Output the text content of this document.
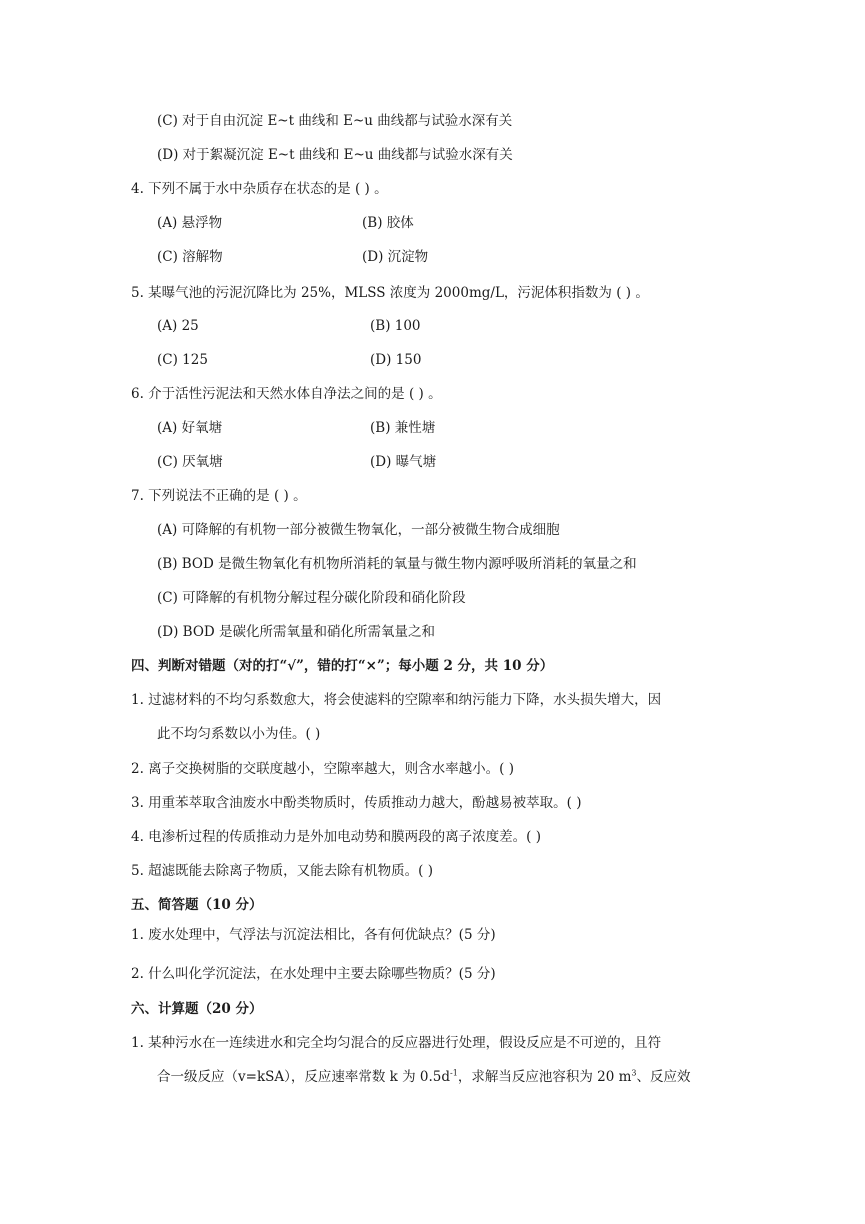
(C) 对于自由沉淀 E~t 曲线和 E~u 曲线都与试验水深有关
(D) 对于絮凝沉淀 E~t 曲线和 E~u 曲线都与试验水深有关
4. 下列不属于水中杂质存在状态的是 ( ) 。
(A) 悬浮物	(B) 胶体
(C) 溶解物	(D) 沉淀物
5. 某曝气池的污泥沉降比为 25%，MLSS 浓度为 2000mg/L，污泥体积指数为 ( ) 。
(A) 25	(B) 100
(C) 125	(D) 150
6. 介于活性污泥法和天然水体自净法之间的是 ( ) 。
(A) 好氧塘	(B) 兼性塘
(C) 厌氧塘	(D) 曝气塘
7. 下列说法不正确的是 ( ) 。
(A) 可降解的有机物一部分被微生物氧化，一部分被微生物合成细胞
(B) BOD 是微生物氧化有机物所消耗的氧量与微生物内源呼吸所消耗的氧量之和
(C) 可降解的有机物分解过程分碳化阶段和硝化阶段
(D) BOD 是碳化所需氧量和硝化所需氧量之和
四、判断对错题（对的打“√”，错的打“×”；每小题 2 分，共 10 分）
1. 过滤材料的不均匀系数愈大，将会使滤料的空隙率和纳污能力下降，水头损失增大，因
此不均匀系数以小为佳。( )
2. 离子交换树脂的交联度越小，空隙率越大，则含水率越小。( )
3. 用重苯萃取含油废水中酚类物质时，传质推动力越大，酚越易被萃取。( )
4. 电渗析过程的传质推动力是外加电动势和膜两段的离子浓度差。( )
5. 超滤既能去除离子物质，又能去除有机物质。( )
五、简答题（10 分）
1. 废水处理中，气浮法与沉淀法相比，各有何优缺点？(5 分)
2. 什么叫化学沉淀法，在水处理中主要去除哪些物质？(5 分)
六、计算题（20 分）
1. 某种污水在一连续进水和完全均匀混合的反应器进行处理，假设反应是不可逆的，且符
合一级反应（v=kSA），反应速率常数 k 为 $0.5d^{-1}$，求解当反应池容积为 20 $m^3$、反应效
